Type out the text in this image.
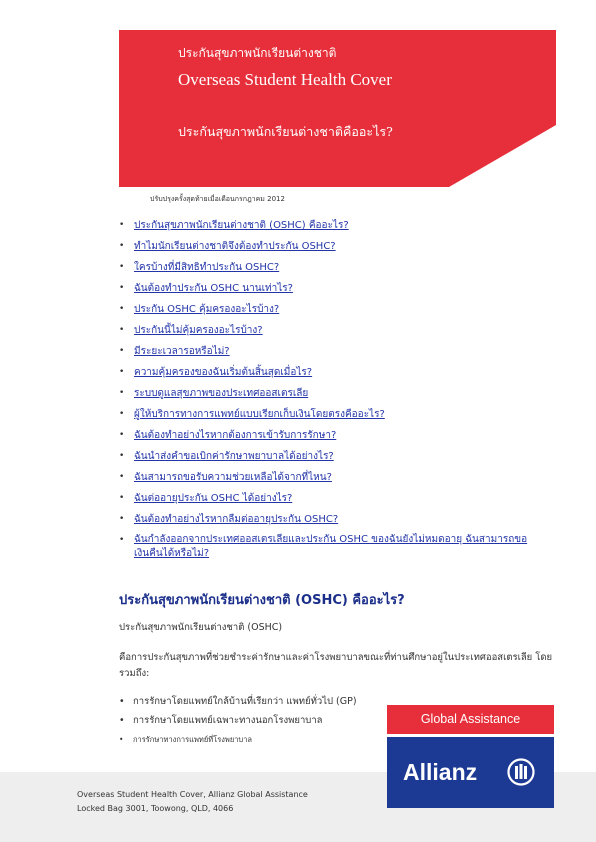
ประกันสุขภาพนักเรียนต่างชาติ
Overseas Student Health Cover
ประกันสุขภาพนักเรียนต่างชาติคืออะไร?
ปรับปรุงครั้งสุดท้ายเมื่อเดือนกรกฎาคม 2012
• ประกันสุขภาพนักเรียนต่างชาติ (OSHC) คืออะไร?
• ทำไมนักเรียนต่างชาติจึงต้องทำประกัน OSHC?
• ใครบ้างที่มีสิทธิทำประกัน OSHC?
• ฉันต้องทำประกัน OSHC นานเท่าไร?
• ประกัน OSHC คุ้มครองอะไรบ้าง?
• ประกันนี้ไม่คุ้มครองอะไรบ้าง?
• มีระยะเวลารอหรือไม่?
• ความคุ้มครองของฉันเริ่มต้นสิ้นสุดเมื่อไร?
• ระบบดูแลสุขภาพของประเทศออสเตรเลีย
• ผู้ให้บริการทางการแพทย์แบบเรียกเก็บเงินโดยตรงคืออะไร?
• ฉันต้องทำอย่างไรหากต้องการเข้ารับการรักษา?
• ฉันนำส่งคำขอเบิกค่ารักษาพยาบาลได้อย่างไร?
• ฉันสามารถขอรับความช่วยเหลือได้จากที่ไหน?
• ฉันต่ออายุประกัน OSHC ได้อย่างไร?
• ฉันต้องทำอย่างไรหากลืมต่ออายุประกัน OSHC?
• ฉันกำลังออกจากประเทศออสเตรเลียและประกัน OSHC ของฉันยังไม่หมดอายุ ฉันสามารถขอเงินคืนได้หรือไม่?
ประกันสุขภาพนักเรียนต่างชาติ (OSHC) คืออะไร?
ประกันสุขภาพนักเรียนต่างชาติ (OSHC)
คือการประกันสุขภาพที่ช่วยชำระค่ารักษาและค่าโรงพยาบาลขณะที่ท่านศึกษาอยู่ในประเทศออสเตรเลีย โดยรวมถึง:
• การรักษาโดยแพทย์ใกล้บ้านที่เรียกว่า แพทย์ทั่วไป (GP)
• การรักษาโดยแพทย์เฉพาะทางนอกโรงพยาบาล
• การรักษาทางการแพทย์ที่โรงพยาบาล
Overseas Student Health Cover, Allianz Global Assistance
Locked Bag 3001, Toowong, QLD, 4066
Global Assistance
Allianz
